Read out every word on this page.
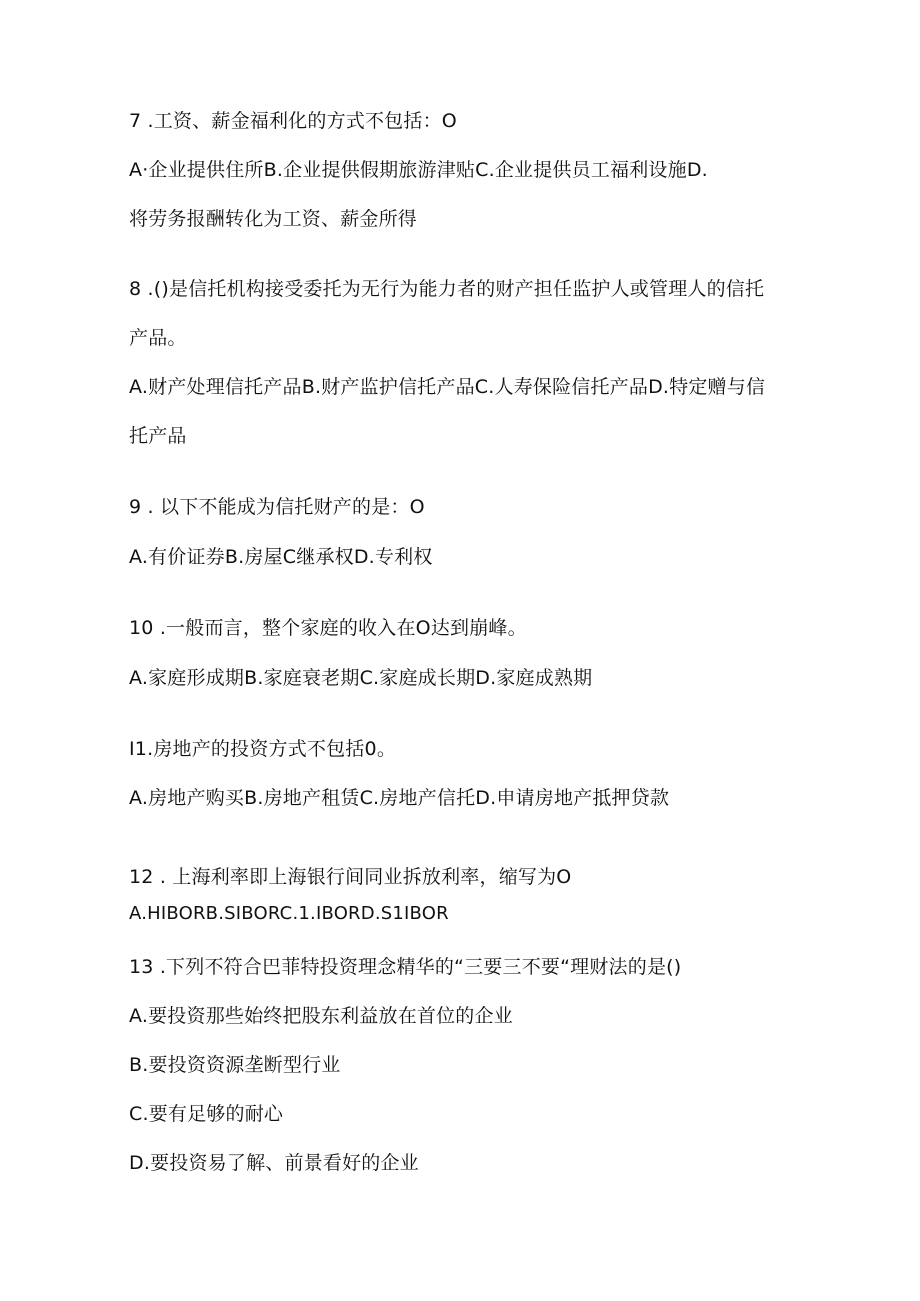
7 .工资、薪金福利化的方式不包括：O
A·企业提供住所B.企业提供假期旅游津贴C.企业提供员工福利设施D.
将劳务报酬转化为工资、薪金所得
8 .()是信托机构接受委托为无行为能力者的财产担任监护人或管理人的信托
产品。
A.财产处理信托产品B.财产监护信托产品C.人寿保险信托产品D.特定赠与信
托产品
9 . 以下不能成为信托财产的是：O
A.有价证券B.房屋C继承权D.专利权
10 .一般而言，整个家庭的收入在O达到崩峰。
A.家庭形成期B.家庭衰老期C.家庭成长期D.家庭成熟期
I1.房地产的投资方式不包括0。
A.房地产购买B.房地产租赁C.房地产信托D.申请房地产抵押贷款
12 . 上海利率即上海银行间同业拆放利率，缩写为O
A.HIBORB.SIBORC.1.IBORD.S1IBOR
13 .下列不符合巴菲特投资理念精华的“三要三不要“理财法的是()
A.要投资那些始终把股东利益放在首位的企业
B.要投资资源垄断型行业
C.要有足够的耐心
D.要投资易了解、前景看好的企业
